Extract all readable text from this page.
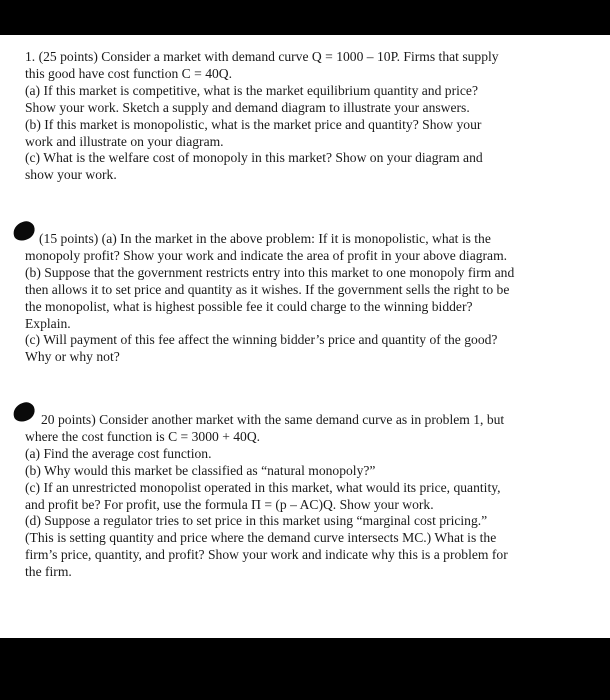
1. (25 points) Consider a market with demand curve Q = 1000 – 10P. Firms that supply
this good have cost function C = 40Q.
(a) If this market is competitive, what is the market equilibrium quantity and price?
Show your work. Sketch a supply and demand diagram to illustrate your answers.
(b) If this market is monopolistic, what is the market price and quantity? Show your
work and illustrate on your diagram.
(c) What is the welfare cost of monopoly in this market? Show on your diagram and
show your work.
(15 points) (a) In the market in the above problem: If it is monopolistic, what is the
monopoly profit? Show your work and indicate the area of profit in your above diagram.
(b) Suppose that the government restricts entry into this market to one monopoly firm and
then allows it to set price and quantity as it wishes. If the government sells the right to be
the monopolist, what is highest possible fee it could charge to the winning bidder?
Explain.
(c) Will payment of this fee affect the winning bidder’s price and quantity of the good?
Why or why not?
20 points) Consider another market with the same demand curve as in problem 1, but
where the cost function is C = 3000 + 40Q.
(a) Find the average cost function.
(b) Why would this market be classified as “natural monopoly?”
(c) If an unrestricted monopolist operated in this market, what would its price, quantity,
and profit be? For profit, use the formula Π = (p – AC)Q. Show your work.
(d) Suppose a regulator tries to set price in this market using “marginal cost pricing.”
(This is setting quantity and price where the demand curve intersects MC.) What is the
firm’s price, quantity, and profit? Show your work and indicate why this is a problem for
the firm.
